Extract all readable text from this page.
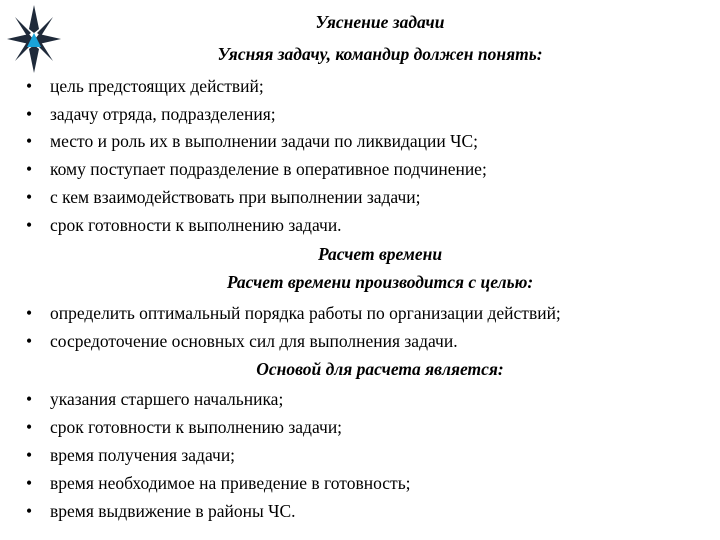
Уяснение задачи
Уясняя задачу, командир должен понять:
• цель предстоящих действий;
• задачу отряда, подразделения;
• место и роль их в выполнении задачи по ликвидации ЧС;
• кому поступает подразделение в оперативное подчинение;
• с кем взаимодействовать при выполнении задачи;
• срок готовности к выполнению задачи.
Расчет времени
Расчет времени производится с целью:
• определить оптимальный порядка работы по организации действий;
• сосредоточение основных сил для выполнения задачи.
Основой для расчета является:
• указания старшего начальника;
• срок готовности к выполнению задачи;
• время получения задачи;
• время необходимое на приведение в готовность;
• время выдвижение в районы ЧС.
